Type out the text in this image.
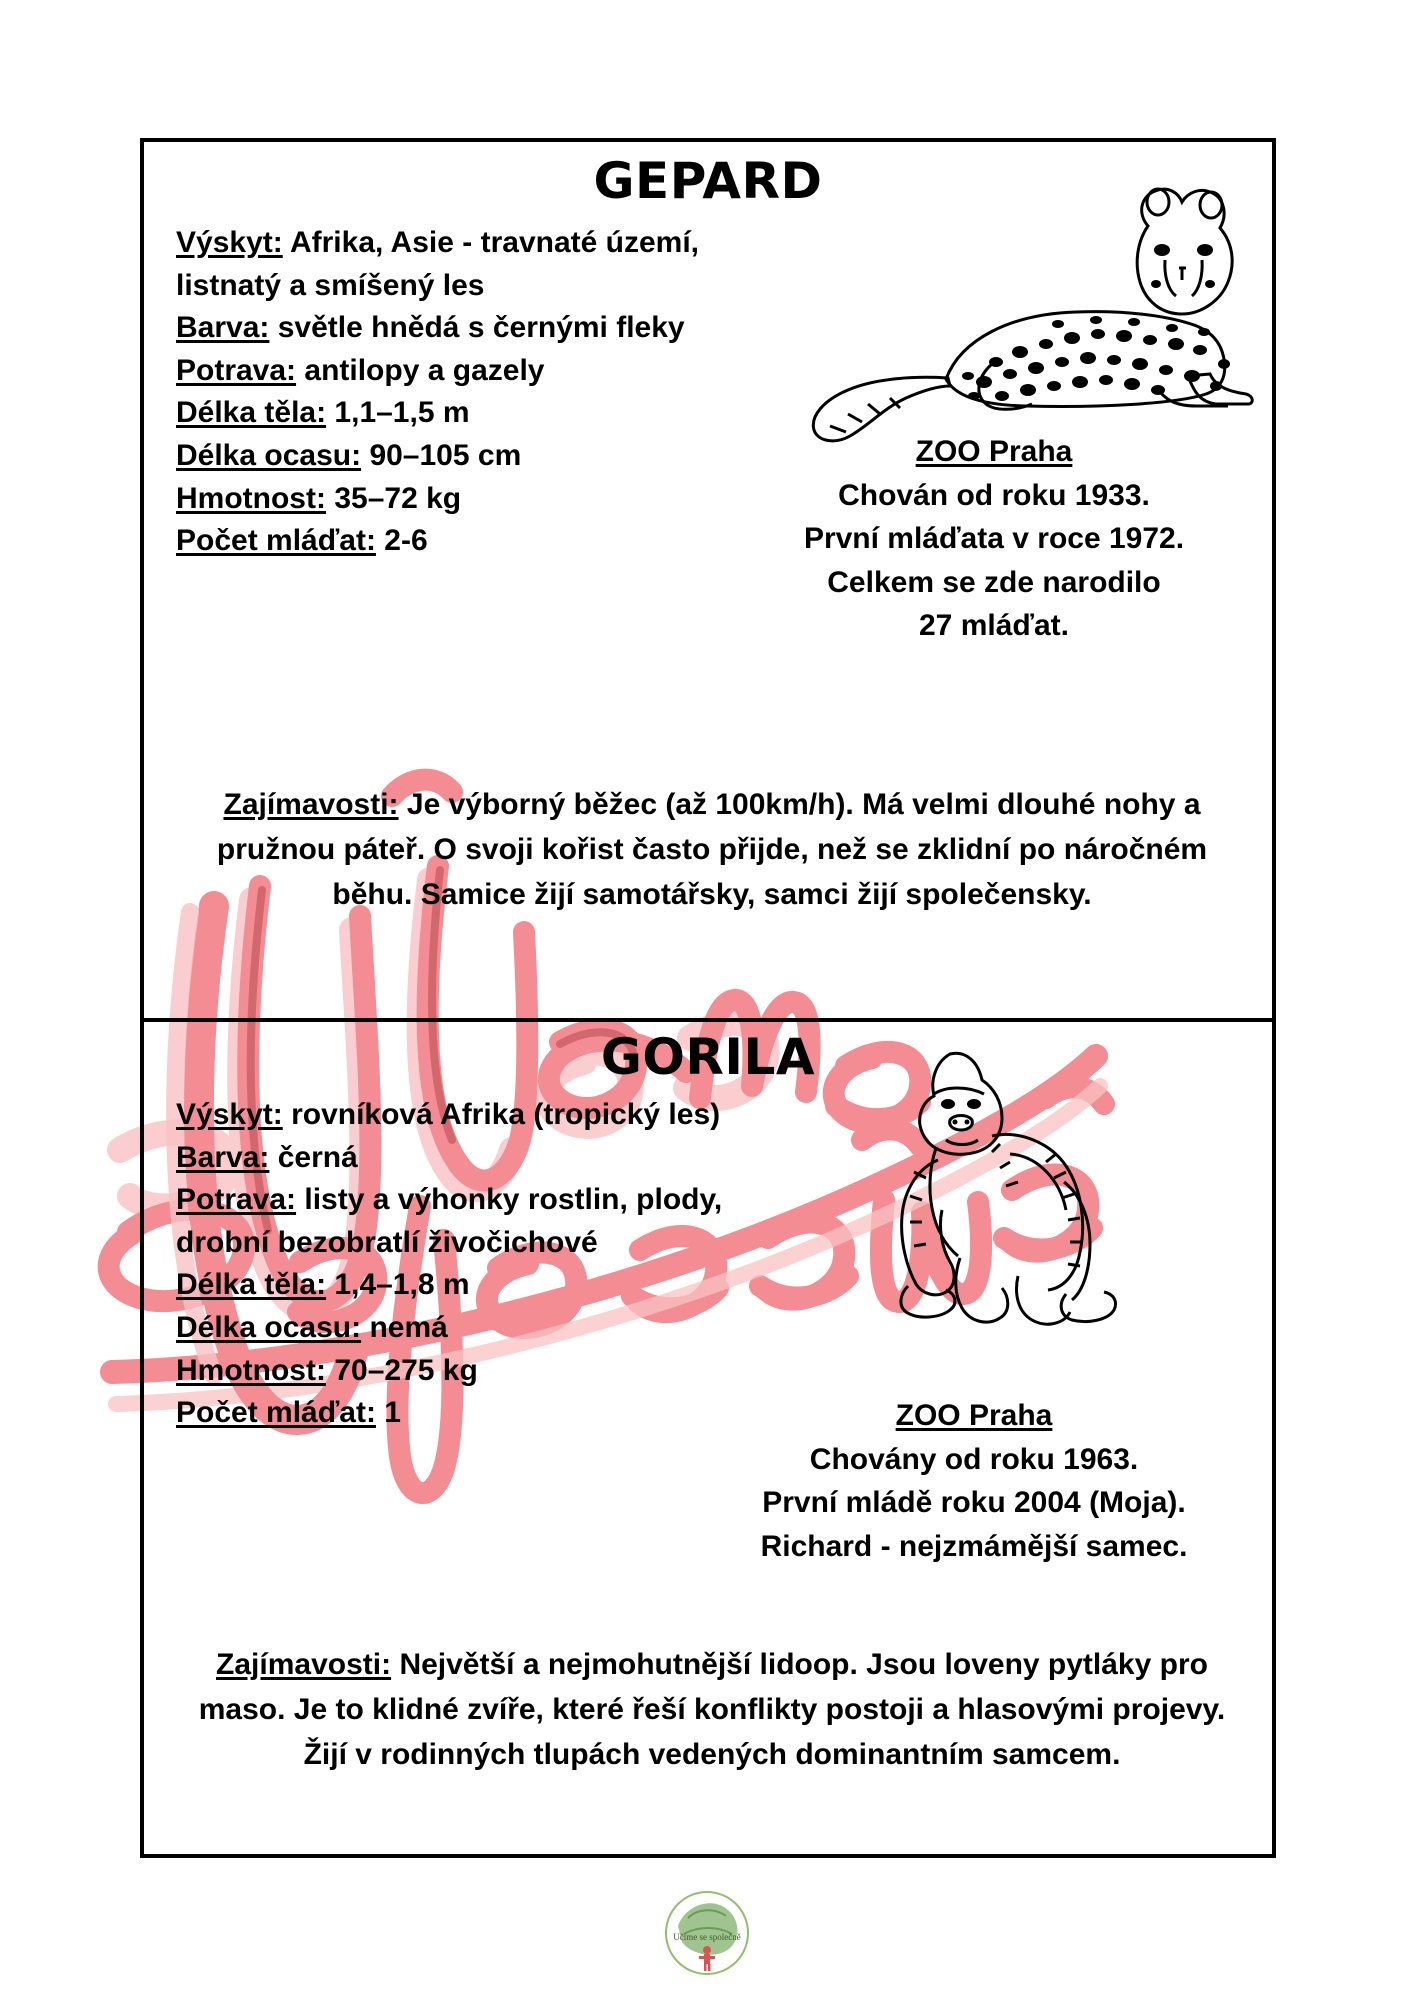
GEPARD
Výskyt: Afrika, Asie - travnaté území, listnatý a smíšený les
Barva: světle hnědá s černými fleky
Potrava: antilopy a gazely
Délka těla: 1,1–1,5 m
Délka ocasu: 90–105 cm
Hmotnost: 35–72 kg
Počet mláďat: 2-6
ZOO Praha
Chován od roku 1933.
První mláďata v roce 1972.
Celkem se zde narodilo
27 mláďat.
Zajímavosti: Je výborný běžec (až 100km/h). Má velmi dlouhé nohy a pružnou páteř. O svoji kořist často přijde, než se zklidní po náročném běhu. Samice žijí samotářsky, samci žijí společensky.
GORILA
Výskyt: rovníková Afrika (tropický les)
Barva: černá
Potrava: listy a výhonky rostlin, plody, drobní bezobratlí živočichové
Délka těla: 1,4–1,8 m
Délka ocasu: nemá
Hmotnost: 70–275 kg
Počet mláďat: 1	ZOO Praha
Chovány od roku 1963.
První mládě roku 2004 (Moja).
Richard - nejzmámější samec.
Zajímavosti: Největší a nejmohutnější lidoop. Jsou loveny pytláky pro maso. Je to klidné zvíře, které řeší konflikty postoji a hlasovými projevy. Žijí v rodinných tlupách vedených dominantním samcem.
Učíme se společně
